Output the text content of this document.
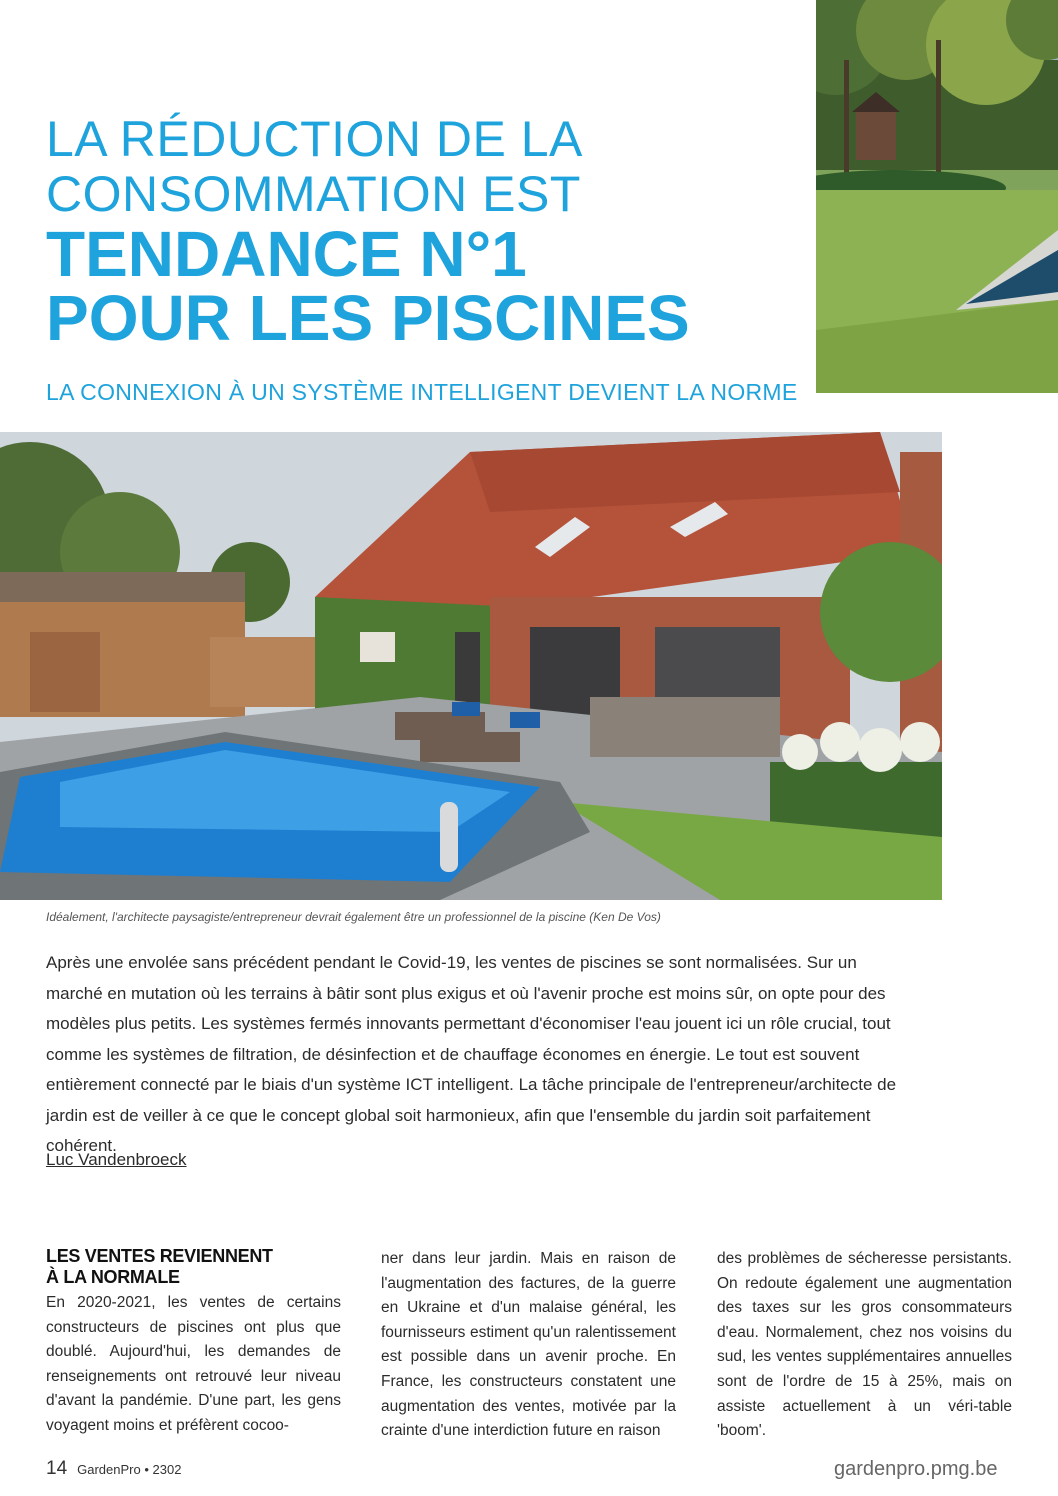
LA RÉDUCTION DE LA
CONSOMMATION EST
TENDANCE N°1
POUR LES PISCINES
LA CONNEXION À UN SYSTÈME INTELLIGENT DEVIENT LA NORME
Idéalement, l'architecte paysagiste/entrepreneur devrait également être un professionnel de la piscine (Ken De Vos)
Après une envolée sans précédent pendant le Covid-19, les ventes de piscines se sont normalisées. Sur un marché en mutation où les terrains à bâtir sont plus exigus et où l'avenir proche est moins sûr, on opte pour des modèles plus petits. Les systèmes fermés innovants permettant d'économiser l'eau jouent ici un rôle crucial, tout comme les systèmes de filtration, de désinfection et de chauffage économes en énergie. Le tout est souvent entièrement connecté par le biais d'un système ICT intelligent. La tâche principale de l'entrepreneur/architecte de jardin est de veiller à ce que le concept global soit harmonieux, afin que l'ensemble du jardin soit parfaitement cohérent.
Luc Vandenbroeck
LES VENTES REVIENNENT
À LA NORMALE
En 2020-2021, les ventes de certains constructeurs de piscines ont plus que doublé. Aujourd'hui, les demandes de renseignements ont retrouvé leur niveau d'avant la pandémie. D'une part, les gens voyagent moins et préfèrent cocoo-
ner dans leur jardin. Mais en raison de l'augmentation des factures, de la guerre en Ukraine et d'un malaise général, les fournisseurs estiment qu'un ralentissement est possible dans un avenir proche. En France, les constructeurs constatent une augmentation des ventes, motivée par la crainte d'une interdiction future en raison
des problèmes de sécheresse persistants. On redoute également une augmentation des taxes sur les gros consommateurs d'eau. Normalement, chez nos voisins du sud, les ventes supplémentaires annuelles sont de l'ordre de 15 à 25%, mais on assiste actuellement à un véri-table 'boom'.
14 GardenPro • 2302	gardenpro.pmg.be
